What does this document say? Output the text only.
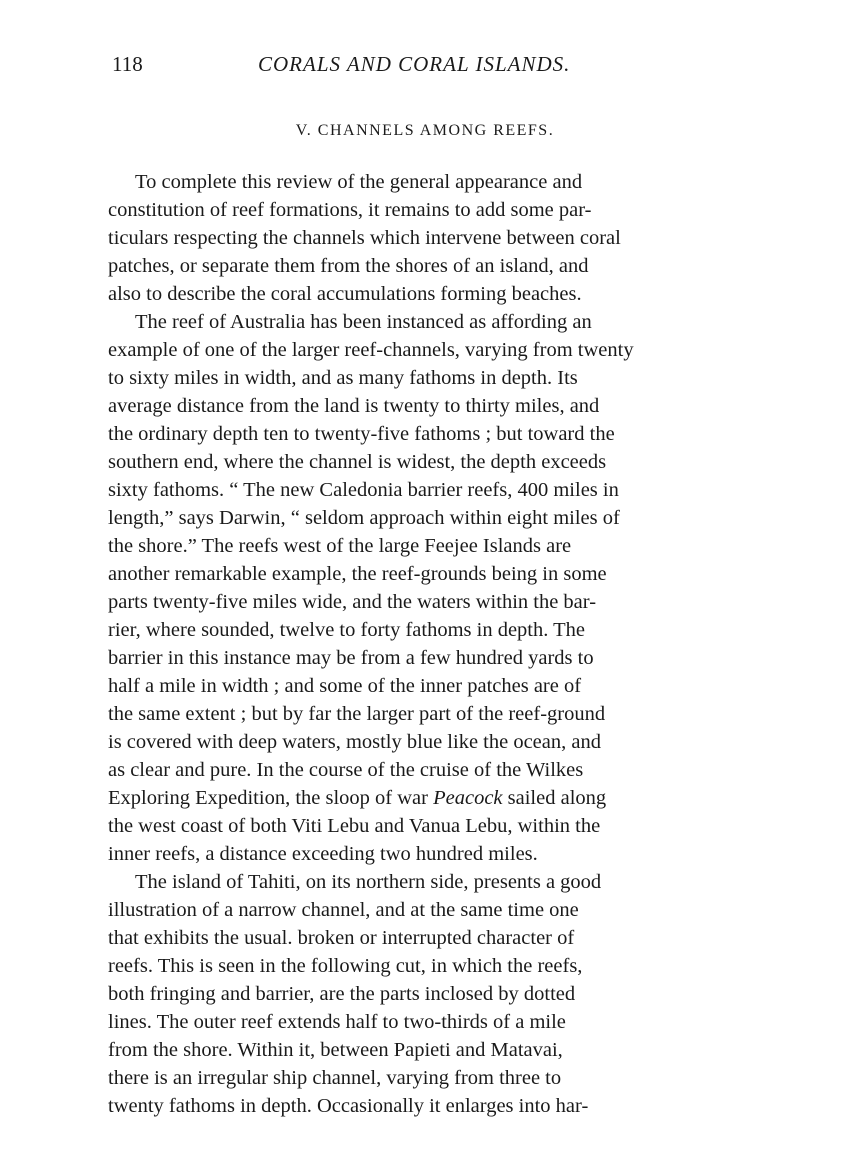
118	CORALS AND CORAL ISLANDS.
V. CHANNELS AMONG REEFS.
To complete this review of the general appearance and
constitution of reef formations, it remains to add some par-
ticulars respecting the channels which intervene between coral
patches, or separate them from the shores of an island, and
also to describe the coral accumulations forming beaches.
The reef of Australia has been instanced as affording an
example of one of the larger reef-channels, varying from twenty
to sixty miles in width, and as many fathoms in depth. Its
average distance from the land is twenty to thirty miles, and
the ordinary depth ten to twenty-five fathoms ; but toward the
southern end, where the channel is widest, the depth exceeds
sixty fathoms. “ The new Caledonia barrier reefs, 400 miles in
length,” says Darwin, “ seldom approach within eight miles of
the shore.” The reefs west of the large Feejee Islands are
another remarkable example, the reef-grounds being in some
parts twenty-five miles wide, and the waters within the bar-
rier, where sounded, twelve to forty fathoms in depth. The
barrier in this instance may be from a few hundred yards to
half a mile in width ; and some of the inner patches are of
the same extent ; but by far the larger part of the reef-ground
is covered with deep waters, mostly blue like the ocean, and
as clear and pure. In the course of the cruise of the Wilkes
Exploring Expedition, the sloop of war Peacock sailed along
the west coast of both Viti Lebu and Vanua Lebu, within the
inner reefs, a distance exceeding two hundred miles.
The island of Tahiti, on its northern side, presents a good
illustration of a narrow channel, and at the same time one
that exhibits the usual. broken or interrupted character of
reefs. This is seen in the following cut, in which the reefs,
both fringing and barrier, are the parts inclosed by dotted
lines. The outer reef extends half to two-thirds of a mile
from the shore. Within it, between Papieti and Matavai,
there is an irregular ship channel, varying from three to
twenty fathoms in depth. Occasionally it enlarges into har-
